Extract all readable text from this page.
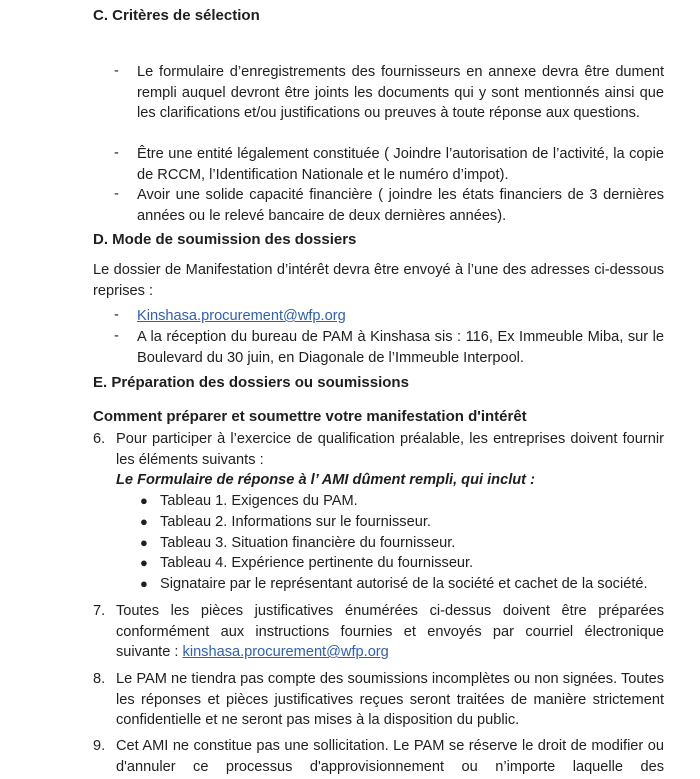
C. Critères de sélection
- Le formulaire d’enregistrements des fournisseurs en annexe devra être dument rempli auquel devront être joints les documents qui y sont mentionnés ainsi que les clarifications et/ou justifications ou preuves à toute réponse aux questions.
- Être une entité légalement constituée ( Joindre l’autorisation de l’activité, la copie de RCCM, l’Identification Nationale et le numéro d’impot).
- Avoir une solide capacité financière ( joindre les états financiers de 3 dernières années ou le relevé bancaire de deux dernières années).
D. Mode de soumission des dossiers
Le dossier de Manifestation d’intérêt devra être envoyé à l’une des adresses ci-dessous reprises :
- Kinshasa.procurement@wfp.org
- A la réception du bureau de PAM à Kinshasa sis : 116, Ex Immeuble Miba, sur le Boulevard du 30 juin, en Diagonale de l’Immeuble Interpool.
E. Préparation des dossiers ou soumissions
Comment préparer et soumettre votre manifestation d'intérêt
6. Pour participer à l’exercice de qualification préalable, les entreprises doivent fournir les éléments suivants :
Le Formulaire de réponse à l’ AMI dûment rempli, qui inclut :
● Tableau 1. Exigences du PAM.
● Tableau 2. Informations sur le fournisseur.
● Tableau 3. Situation financière du fournisseur.
● Tableau 4. Expérience pertinente du fournisseur.
● Signataire par le représentant autorisé de la société et cachet de la société.
7. Toutes les pièces justificatives énumérées ci-dessus doivent être préparées conformément aux instructions fournies et envoyés par courriel électronique suivante : kinshasa.procurement@wfp.org
8. Le PAM ne tiendra pas compte des soumissions incomplètes ou non signées. Toutes les réponses et pièces justificatives reçues seront traitées de manière strictement confidentielle et ne seront pas mises à la disposition du public.
9. Cet AMI ne constitue pas une sollicitation. Le PAM se réserve le droit de modifier ou d'annuler ce processus d'approvisionnement ou n’importe laquelle des
